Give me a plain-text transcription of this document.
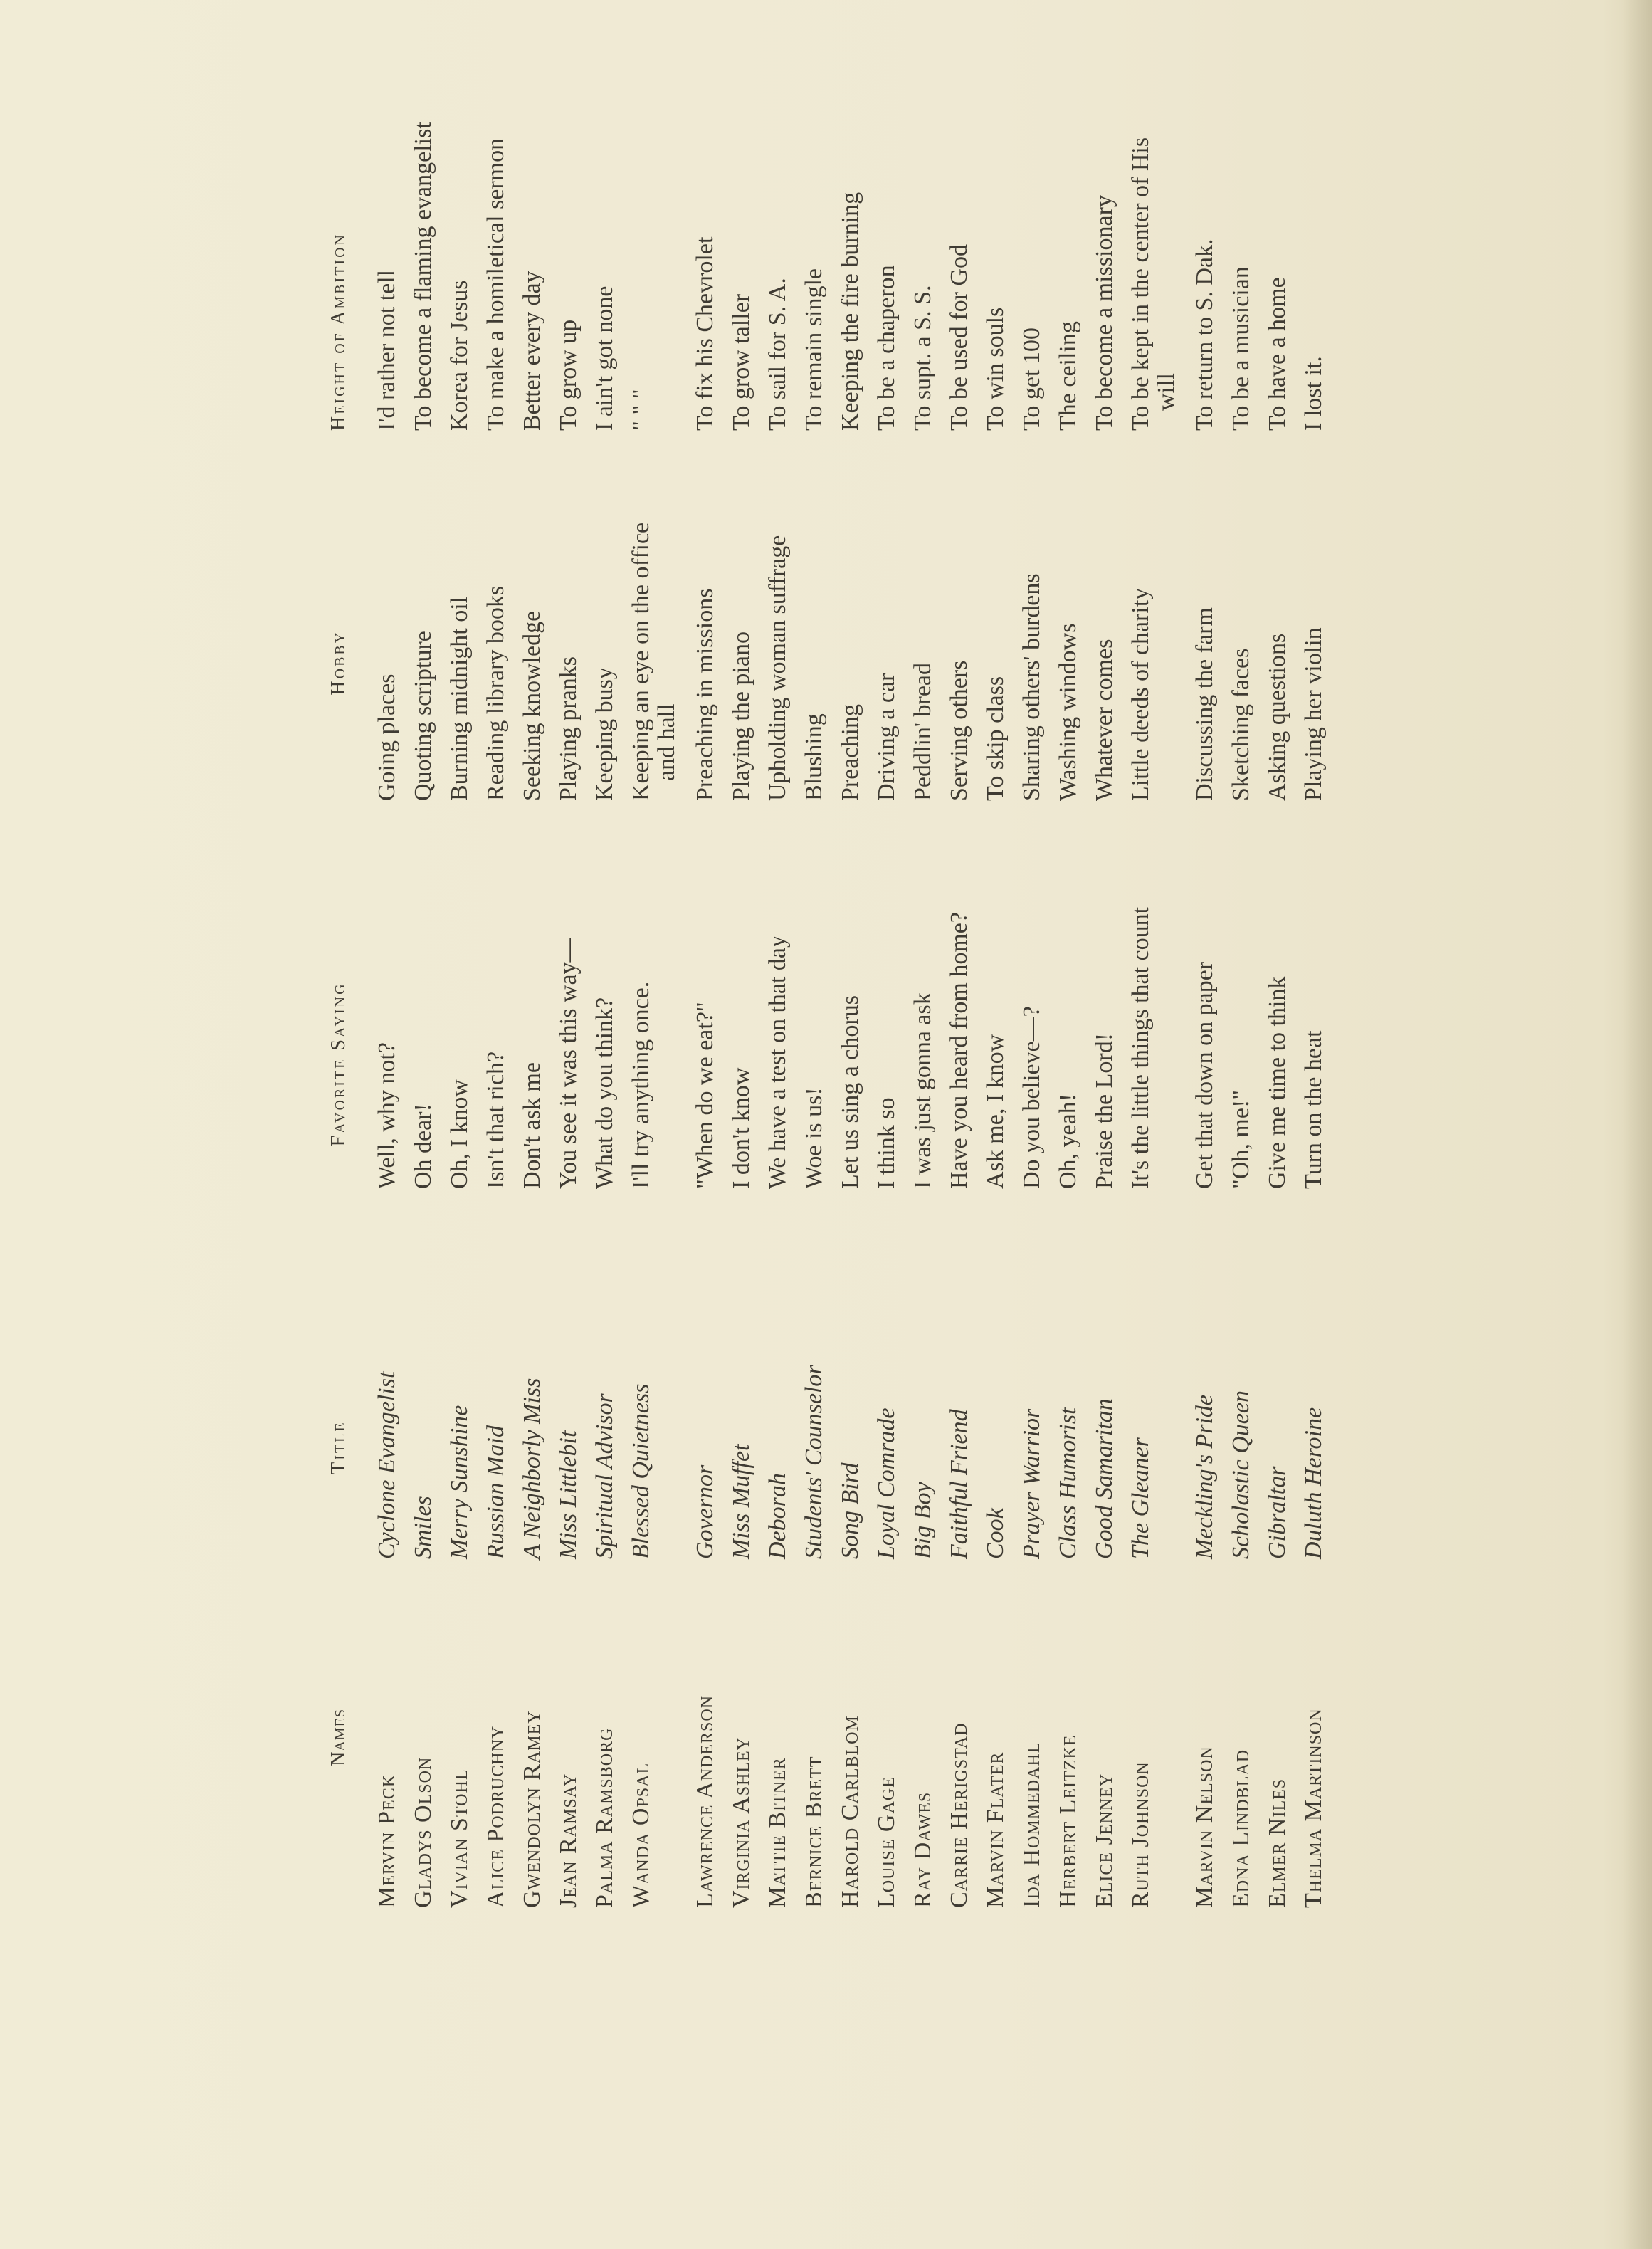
Names
Title
Favorite Saying
Hobby
Height of Ambition
Mervin Peck
Cyclone Evangelist
Well, why not?
Going places
I'd rather not tell
Gladys Olson
Smiles
Oh dear!
Quoting scripture
To become a flaming evangelist
Vivian Stohl
Merry Sunshine
Oh, I know
Burning midnight oil
Korea for Jesus
Alice Podruchny
Russian Maid
Isn't that rich?
Reading library books
To make a homiletical sermon
Gwendolyn Ramey
A Neighborly Miss
Don't ask me
Seeking knowledge
Better every day
Jean Ramsay
Miss Littlebit
You see it was this way—
Playing pranks
To grow up
Palma Ramsborg
Spiritual Advisor
What do you think?
Keeping busy
I ain't got none
Wanda Opsal
Blessed Quietness
I'll try anything once.
Keeping an eye on the office and hall
" " "
Lawrence Anderson
Governor
"When do we eat?"
Preaching in missions
To fix his Chevrolet
Virginia Ashley
Miss Muffet
I don't know
Playing the piano
To grow taller
Mattie Bitner
Deborah
We have a test on that day
Upholding woman suffrage
To sail for S. A.
Bernice Brett
Students' Counselor
Woe is us!
Blushing
To remain single
Harold Carlblom
Song Bird
Let us sing a chorus
Preaching
Keeping the fire burning
Louise Gage
Loyal Comrade
I think so
Driving a car
To be a chaperon
Ray Dawes
Big Boy
I was just gonna ask
Peddlin' bread
To supt. a S. S.
Carrie Herigstad
Faithful Friend
Have you heard from home?
Serving others
To be used for God
Marvin Flater
Cook
Ask me, I know
To skip class
To win souls
Ida Hommedahl
Prayer Warrior
Do you believe—?
Sharing others' burdens
To get 100
Herbert Leitzke
Class Humorist
Oh, yeah!
Washing windows
The ceiling
Elice Jenney
Good Samaritan
Praise the Lord!
Whatever comes
To become a missionary
Ruth Johnson
The Gleaner
It's the little things that count
Little deeds of charity
To be kept in the center of His will
Marvin Nelson
Meckling's Pride
Get that down on paper
Discussing the farm
To return to S. Dak.
Edna Lindblad
Scholastic Queen
"Oh, me!"
Sketching faces
To be a musician
Elmer Niles
Gibraltar
Give me time to think
Asking questions
To have a home
Thelma Martinson
Duluth Heroine
Turn on the heat
Playing her violin
I lost it.
